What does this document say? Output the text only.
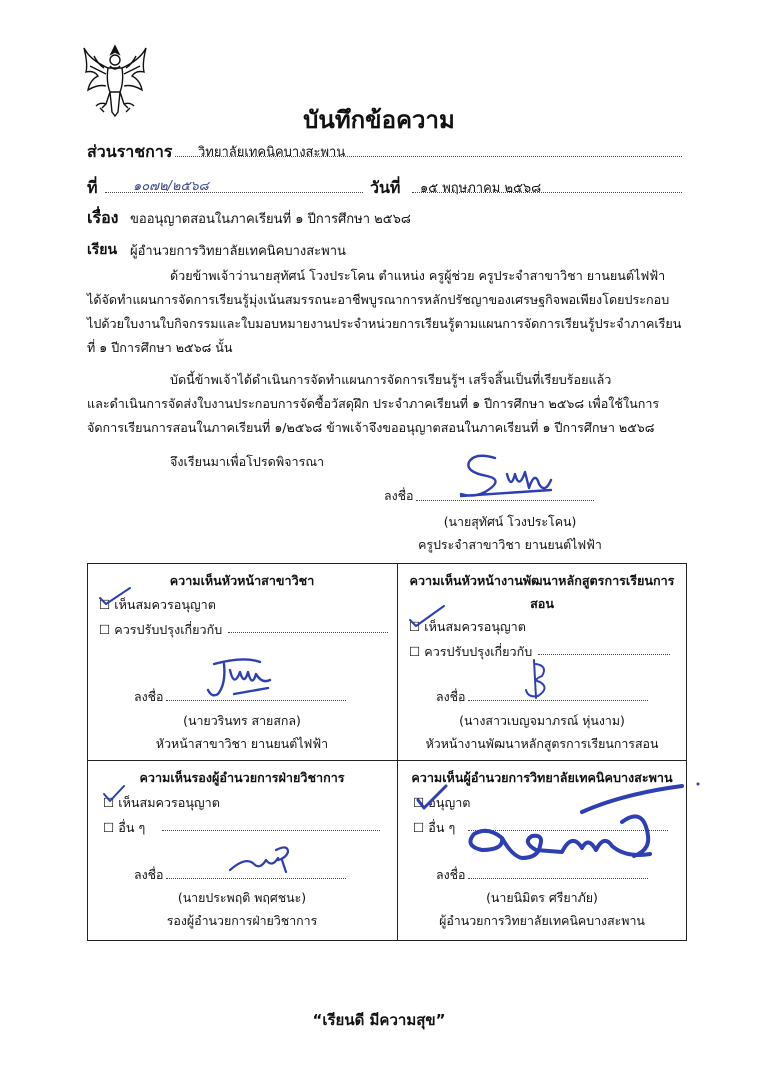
บันทึกข้อความ
ส่วนราชการ วิทยาลัยเทคนิคบางสะพาน
ที่	๑๐๗๒/๒๕๖๘	วันที่ ๑๕ พฤษภาคม ๒๕๖๘
เรื่อง ขออนุญาตสอนในภาคเรียนที่ ๑ ปีการศึกษา ๒๕๖๘
เรียน ผู้อำนวยการวิทยาลัยเทคนิคบางสะพาน
ด้วยข้าพเจ้าว่านายสุทัศน์ โวงประโคน ตำแหน่ง ครูผู้ช่วย ครูประจำสาขาวิชา ยานยนต์ไฟฟ้า
ได้จัดทำแผนการจัดการเรียนรู้มุ่งเน้นสมรรถนะอาชีพบูรณาการหลักปรัชญาของเศรษฐกิจพอเพียงโดยประกอบ
ไปด้วยใบงานใบกิจกรรมและใบมอบหมายงานประจำหน่วยการเรียนรู้ตามแผนการจัดการเรียนรู้ประจำภาคเรียน
ที่ ๑ ปีการศึกษา ๒๕๖๘ นั้น
บัดนี้ข้าพเจ้าได้ดำเนินการจัดทำแผนการจัดการเรียนรู้ฯ เสร็จสิ้นเป็นที่เรียบร้อยแล้ว
และดำเนินการจัดส่งใบงานประกอบการจัดซื้อวัสดุฝึก ประจำภาคเรียนที่ ๑ ปีการศึกษา ๒๕๖๘ เพื่อใช้ในการ
จัดการเรียนการสอนในภาคเรียนที่ ๑/๒๕๖๘ ข้าพเจ้าจึงขออนุญาตสอนในภาคเรียนที่ ๑ ปีการศึกษา ๒๕๖๘
จึงเรียนมาเพื่อโปรดพิจารณา
ลงชื่อ
(นายสุทัศน์ โวงประโคน)
ครูประจำสาขาวิชา ยานยนต์ไฟฟ้า
ความเห็นหัวหน้าสาขาวิชา
☐ เห็นสมควรอนุญาต
☐ ควรปรับปรุงเกี่ยวกับ
ลงชื่อ
(นายวรินทร สายสกล)
หัวหน้าสาขาวิชา ยานยนต์ไฟฟ้า
ความเห็นหัวหน้างานพัฒนาหลักสูตรการเรียนการ
สอน
☐ เห็นสมควรอนุญาต
☐ ควรปรับปรุงเกี่ยวกับ
ลงชื่อ
(นางสาวเบญจมาภรณ์ หุ่นงาม)
หัวหน้างานพัฒนาหลักสูตรการเรียนการสอน
ความเห็นรองผู้อำนวยการฝ่ายวิชาการ
☐ เห็นสมควรอนุญาต
☐ อื่น ๆ
ลงชื่อ
(นายประพฤติ พฤศชนะ)
รองผู้อำนวยการฝ่ายวิชาการ
ความเห็นผู้อำนวยการวิทยาลัยเทคนิคบางสะพาน
☐ อนุญาต
☐ อื่น ๆ
ลงชื่อ
(นายนิมิตร ศรียาภัย)
ผู้อำนวยการวิทยาลัยเทคนิคบางสะพาน
“เรียนดี มีความสุข”
